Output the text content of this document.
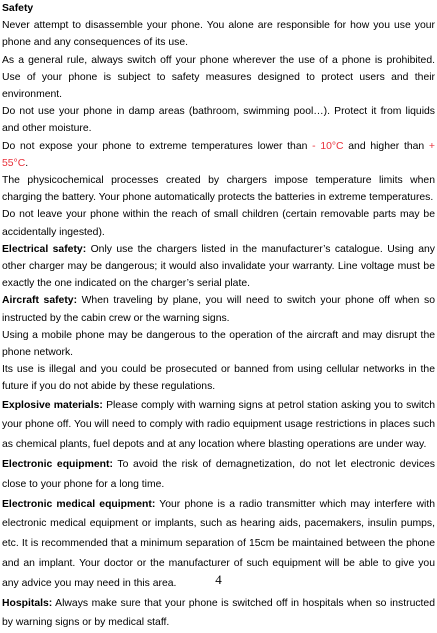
Safety

Never attempt to disassemble your phone. You alone are responsible for how you use your phone and any consequences of its use.

As a general rule, always switch off your phone wherever the use of a phone is prohibited. Use of your phone is subject to safety measures designed to protect users and their environment.

Do not use your phone in damp areas (bathroom, swimming pool…). Protect it from liquids and other moisture.

Do not expose your phone to extreme temperatures lower than - 10°C and higher than + 55°C.

The physicochemical processes created by chargers impose temperature limits when charging the battery. Your phone automatically protects the batteries in extreme temperatures.

Do not leave your phone within the reach of small children (certain removable parts may be accidentally ingested).

Electrical safety: Only use the chargers listed in the manufacturer’s catalogue. Using any other charger may be dangerous; it would also invalidate your warranty. Line voltage must be exactly the one indicated on the charger’s serial plate.

Aircraft safety: When traveling by plane, you will need to switch your phone off when so instructed by the cabin crew or the warning signs.

Using a mobile phone may be dangerous to the operation of the aircraft and may disrupt the phone network.

Its use is illegal and you could be prosecuted or banned from using cellular networks in the future if you do not abide by these regulations.

Explosive materials: Please comply with warning signs at petrol station asking you to switch your phone off. You will need to comply with radio equipment usage restrictions in places such as chemical plants, fuel depots and at any location where blasting operations are under way.

Electronic equipment: To avoid the risk of demagnetization, do not let electronic devices close to your phone for a long time.

Electronic medical equipment: Your phone is a radio transmitter which may interfere with electronic medical equipment or implants, such as hearing aids, pacemakers, insulin pumps, etc. It is recommended that a minimum separation of 15cm be maintained between the phone and an implant. Your doctor or the manufacturer of such equipment will be able to give you any advice you may need in this area.

Hospitals: Always make sure that your phone is switched off in hospitals when so instructed by warning signs or by medical staff.

4
